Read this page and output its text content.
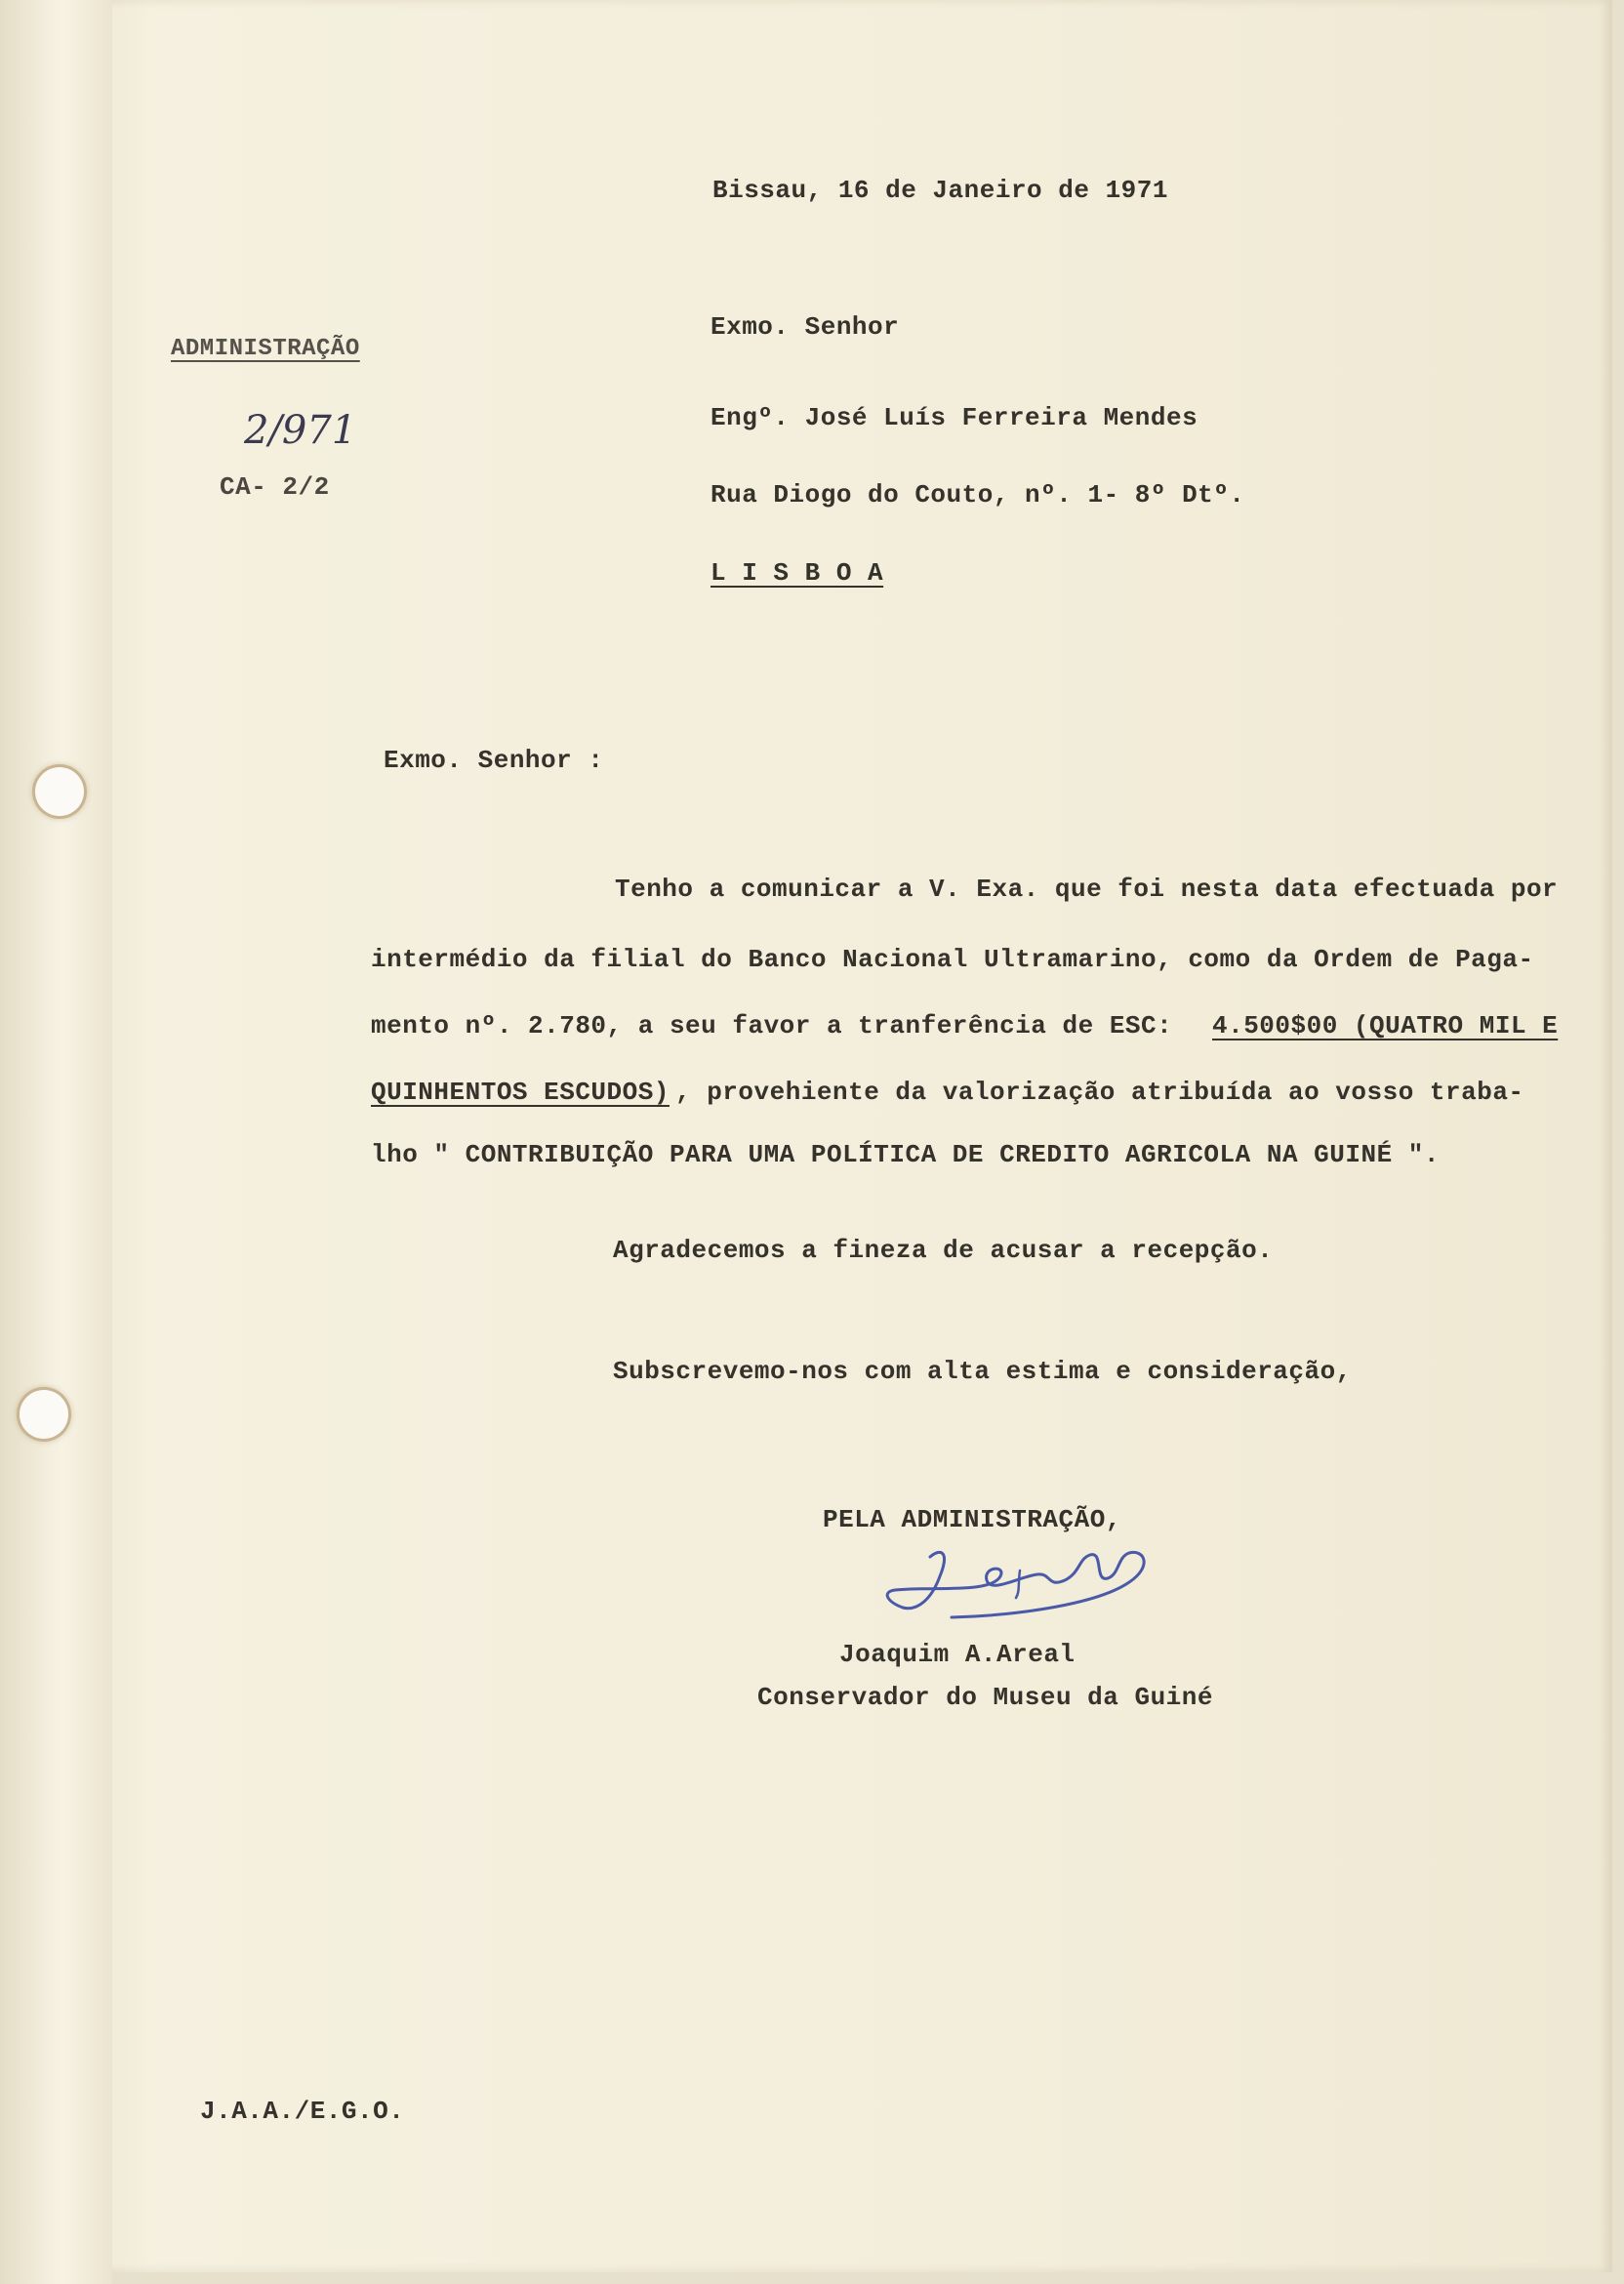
Bissau, 16 de Janeiro de 1971
ADMINISTRAÇÃO
2/971
CA- 2/2
Exmo. Senhor
Engº. José Luís Ferreira Mendes
Rua Diogo do Couto, nº. 1- 8º Dtº.
L I S B O A
Exmo. Senhor :
Tenho a comunicar a V. Exa. que foi nesta data efectuada por
intermédio da filial do Banco Nacional Ultramarino, como da Ordem de Paga-
mento nº. 2.780, a seu favor a tranferência de ESC: 4.500$00 (QUATRO MIL E
QUINHENTOS ESCUDOS) , provehiente da valorização atribuída ao vosso traba-
lho " CONTRIBUIÇÃO PARA UMA POLÍTICA DE CREDITO AGRICOLA NA GUINÉ ".
Agradecemos a fineza de acusar a recepção.
Subscrevemo-nos com alta estima e consideração,
PELA ADMINISTRAÇÃO,
Joaquim A.Areal
Conservador do Museu da Guiné
J.A.A./E.G.O.
